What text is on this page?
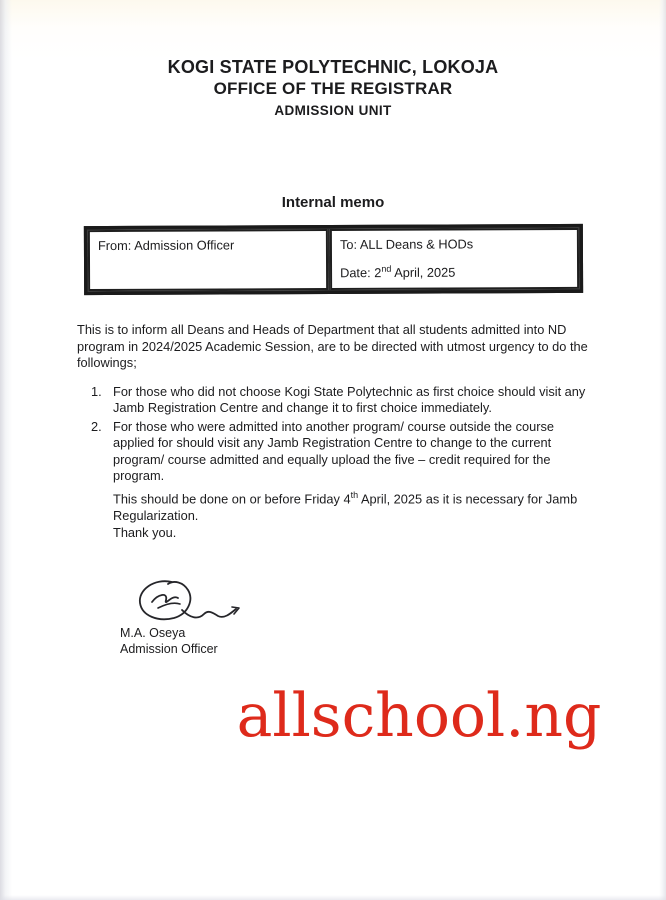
KOGI STATE POLYTECHNIC, LOKOJA
OFFICE OF THE REGISTRAR
ADMISSION UNIT
Internal memo
From: Admission Officer	To: ALL Deans & HODs
Date: 2nd April, 2025
This is to inform all Deans and Heads of Department that all students admitted into ND program in 2024/2025 Academic Session, are to be directed with utmost urgency to do the followings;
1. For those who did not choose Kogi State Polytechnic as first choice should visit any Jamb Registration Centre and change it to first choice immediately.
2. For those who were admitted into another program/ course outside the course applied for should visit any Jamb Registration Centre to change to the current program/ course admitted and equally upload the five – credit required for the program.
This should be done on or before Friday 4th April, 2025 as it is necessary for Jamb Regularization.
Thank you.
M.A. Oseya
Admission Officer
allschool.ng
